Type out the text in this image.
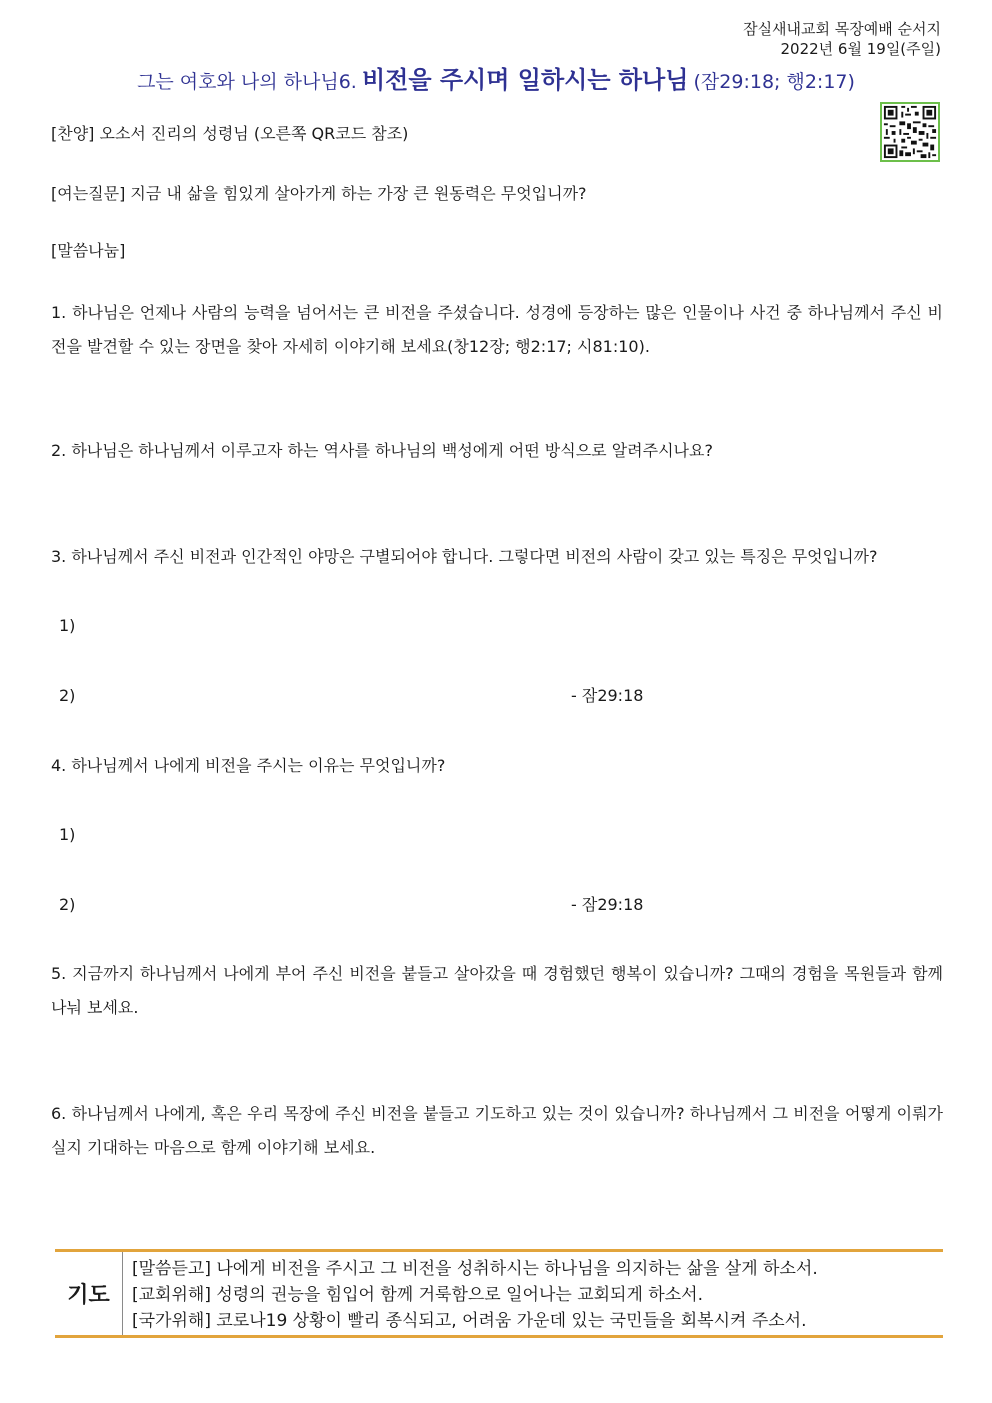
잠실새내교회 목장예배 순서지
2022년 6월 19일(주일)
그는 여호와 나의 하나님6. 비전을 주시며 일하시는 하나님 (잠29:18; 행2:17)
[찬양] 오소서 진리의 성령님 (오른쪽 QR코드 참조)
[여는질문] 지금 내 삶을 힘있게 살아가게 하는 가장 큰 원동력은 무엇입니까?
[말씀나눔]
1. 하나님은 언제나 사람의 능력을 넘어서는 큰 비전을 주셨습니다. 성경에 등장하는 많은 인물이나 사건 중 하나님께서 주신 비전을 발견할 수 있는 장면을 찾아 자세히 이야기해 보세요(창12장; 행2:17; 시81:10).
2. 하나님은 하나님께서 이루고자 하는 역사를 하나님의 백성에게 어떤 방식으로 알려주시나요?
3. 하나님께서 주신 비전과 인간적인 야망은 구별되어야 합니다. 그렇다면 비전의 사람이 갖고 있는 특징은 무엇입니까?
1)
2)	- 잠29:18
4. 하나님께서 나에게 비전을 주시는 이유는 무엇입니까?
1)
2)	- 잠29:18
5. 지금까지 하나님께서 나에게 부어 주신 비전을 붙들고 살아갔을 때 경험했던 행복이 있습니까? 그때의 경험을 목원들과 함께 나눠 보세요.
6. 하나님께서 나에게, 혹은 우리 목장에 주신 비전을 붙들고 기도하고 있는 것이 있습니까? 하나님께서 그 비전을 어떻게 이뤄가실지 기대하는 마음으로 함께 이야기해 보세요.
기도
[말씀듣고] 나에게 비전을 주시고 그 비전을 성취하시는 하나님을 의지하는 삶을 살게 하소서.
[교회위해] 성령의 권능을 힘입어 함께 거룩함으로 일어나는 교회되게 하소서.
[국가위해] 코로나19 상황이 빨리 종식되고, 어려움 가운데 있는 국민들을 회복시켜 주소서.
